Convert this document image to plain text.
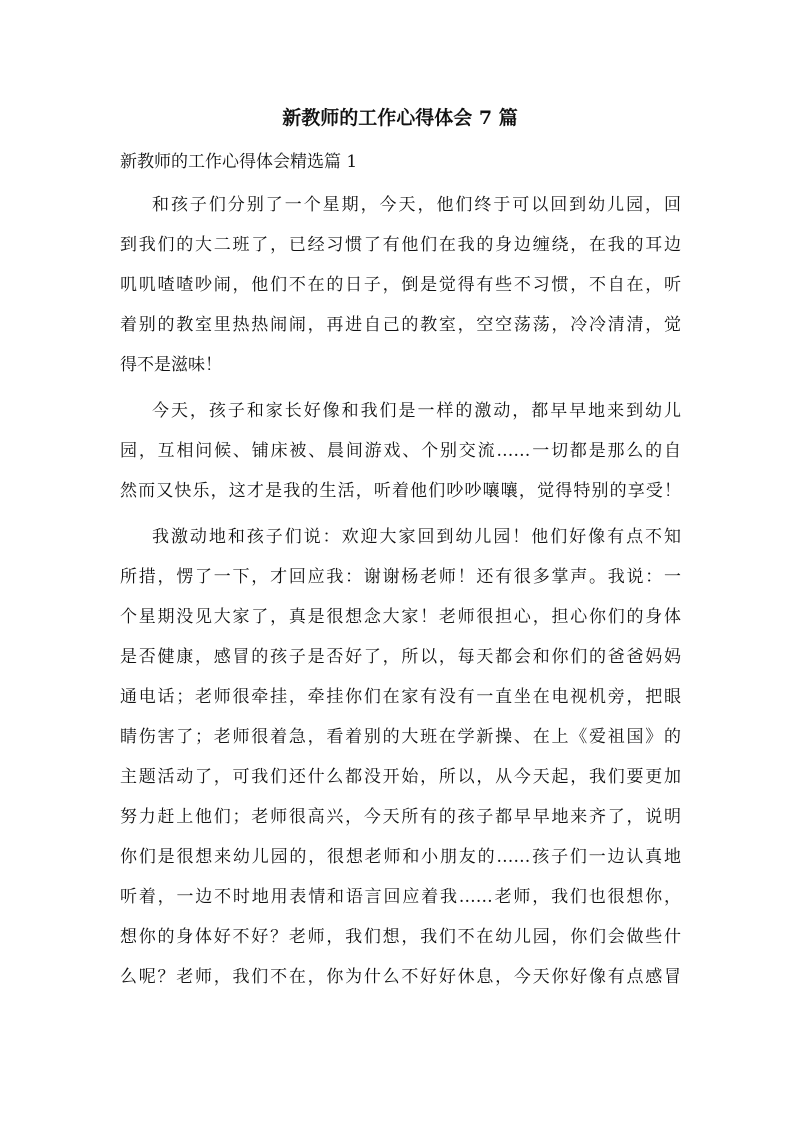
新教师的工作心得体会 7 篇
新教师的工作心得体会精选篇 1
和孩子们分别了一个星期，今天，他们终于可以回到幼儿园，回
到我们的大二班了，已经习惯了有他们在我的身边缠绕，在我的耳边
叽叽喳喳吵闹，他们不在的日子，倒是觉得有些不习惯，不自在，听
着别的教室里热热闹闹，再进自己的教室，空空荡荡，冷冷清清，觉
得不是滋味！
今天，孩子和家长好像和我们是一样的激动，都早早地来到幼儿
园，互相问候、铺床被、晨间游戏、个别交流……一切都是那么的自
然而又快乐，这才是我的生活，听着他们吵吵嚷嚷，觉得特别的享受！
我激动地和孩子们说：欢迎大家回到幼儿园！他们好像有点不知
所措，愣了一下，才回应我：谢谢杨老师！还有很多掌声。我说：一
个星期没见大家了，真是很想念大家！老师很担心，担心你们的身体
是否健康，感冒的孩子是否好了，所以，每天都会和你们的爸爸妈妈
通电话；老师很牵挂，牵挂你们在家有没有一直坐在电视机旁，把眼
睛伤害了；老师很着急，看着别的大班在学新操、在上《爱祖国》的
主题活动了，可我们还什么都没开始，所以，从今天起，我们要更加
努力赶上他们；老师很高兴，今天所有的孩子都早早地来齐了，说明
你们是很想来幼儿园的，很想老师和小朋友的……孩子们一边认真地
听着，一边不时地用表情和语言回应着我……老师，我们也很想你，
想你的身体好不好？老师，我们想，我们不在幼儿园，你们会做些什
么呢？老师，我们不在，你为什么不好好休息，今天你好像有点感冒
